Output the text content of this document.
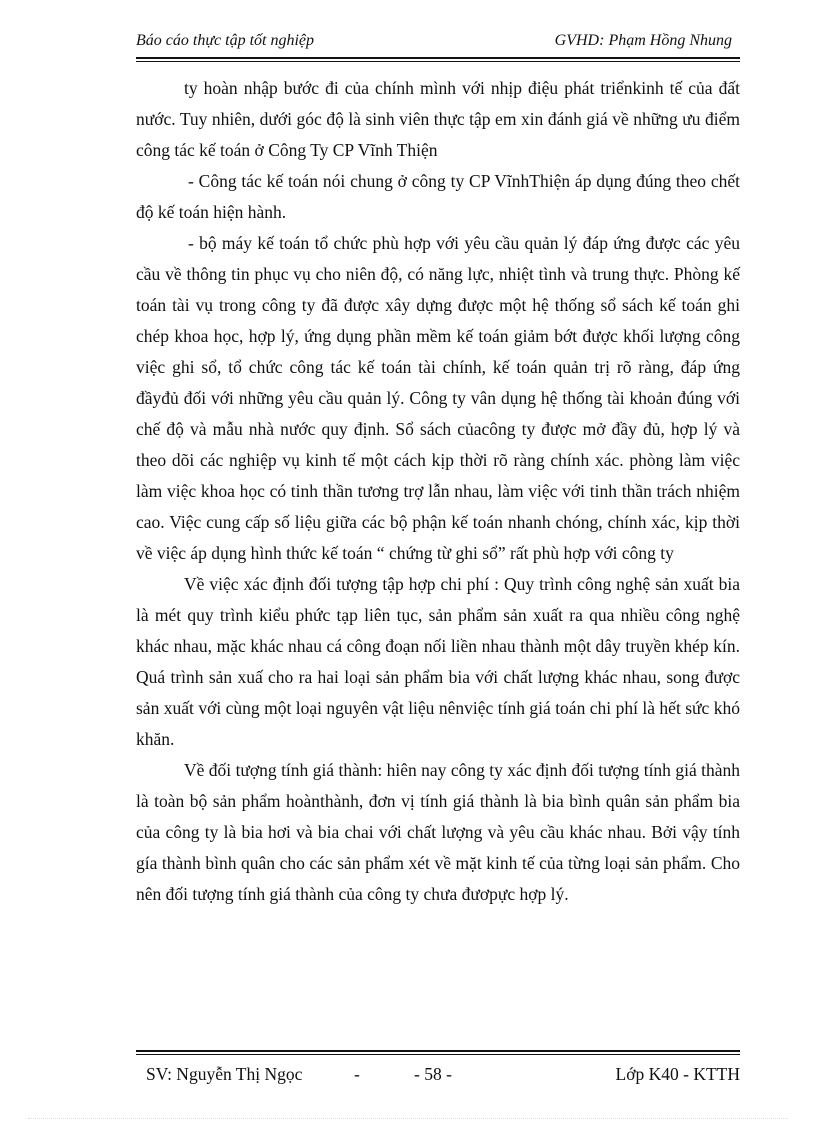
Báo cáo thực tập tốt nghiệp	GVHD: Phạm Hồng Nhung

ty hoàn nhập bước đi của chính mình với nhịp điệu phát triểnkinh tế của đất nước. Tuy nhiên, dưới góc độ là sinh viên thực tập em xin đánh giá về những ưu điểm công tác kế toán ở Công Ty CP Vĩnh Thiện

- Công tác kế toán nói chung ở công ty CP VĩnhThiện áp dụng đúng theo chết độ kế toán hiện hành.

- bộ máy kế toán tổ chức phù hợp với yêu cầu quản lý đáp ứng được các yêu cầu về thông tin phục vụ cho niên độ, có năng lực, nhiệt tình và trung thực. Phòng kế toán tài vụ trong công ty đã được xây dựng được một hệ thống sổ sách kế toán ghi chép khoa học, hợp lý, ứng dụng phần mềm kế toán giảm bớt được khối lượng công việc ghi sổ, tổ chức công tác kế toán tài chính, kế toán quản trị rõ ràng, đáp ứng đầyđủ đối với những yêu cầu quản lý. Công ty vân dụng hệ thống tài khoản đúng với chế độ và mẫu nhà nước quy định. Sổ sách củacông ty được mở đầy đủ, hợp lý và theo dõi các nghiệp vụ kinh tế một cách kịp thời rõ ràng chính xác. phòng làm việc làm việc khoa học có tinh thần tương trợ lẫn nhau, làm việc với tinh thần trách nhiệm cao. Việc cung cấp số liệu giữa các bộ phận kế toán nhanh chóng, chính xác, kịp thời về việc áp dụng hình thức kế toán “ chứng từ ghi sổ” rất phù hợp với công ty

Về việc xác định đối tượng tập hợp chi phí : Quy trình công nghệ sản xuất bia là mét quy trình kiểu phức tạp liên tục, sản phẩm sản xuất ra qua nhiều công nghệ khác nhau, mặc khác nhau cá công đoạn nối liền nhau thành một dây truyền khép kín. Quá trình sản xuấ cho ra hai loại sản phẩm bia với chất lượng khác nhau, song được sản xuất với cùng một loại nguyên vật liệu nênviệc tính giá toán chi phí là hết sức khó khăn.

Về đối tượng tính giá thành: hiên nay công ty xác định đối tượng tính giá thành là toàn bộ sản phẩm hoànthành, đơn vị tính giá thành là bia bình quân sản phẩm bia của công ty là bia hơi và bia chai với chất lượng và yêu cầu khác nhau. Bởi vậy tính gía thành bình quân cho các sản phẩm xét về mặt kinh tế của từng loại sản phẩm. Cho nên đối tượng tính giá thành của công ty chưa đươpực hợp lý.

SV: Nguyễn Thị Ngọc	-	- 58 -	Lớp K40 - KTTH
